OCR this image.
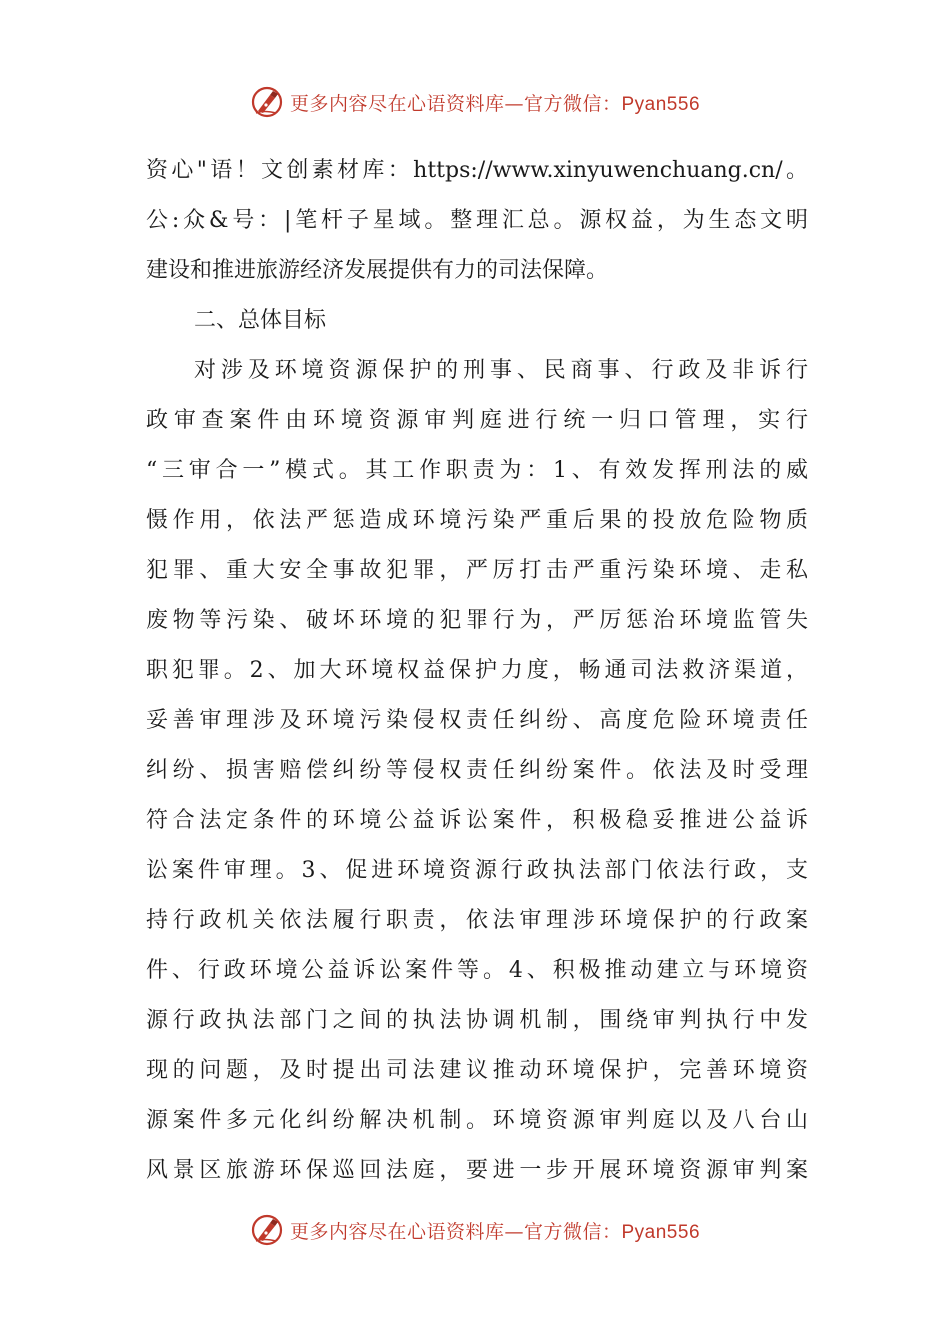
更多内容尽在心语资料库—官方微信：Pyan556
资心"语！文创素材库：https://www.xinyuwenchuang.cn/。
公:众&号：|笔杆子星域。整理汇总。源权益，为生态文明
建设和推进旅游经济发展提供有力的司法保障。
二、总体目标
对涉及环境资源保护的刑事、民商事、行政及非诉行
政审查案件由环境资源审判庭进行统一归口管理，实行
“三审合一”模式。其工作职责为：1、有效发挥刑法的威
慑作用，依法严惩造成环境污染严重后果的投放危险物质
犯罪、重大安全事故犯罪，严厉打击严重污染环境、走私
废物等污染、破坏环境的犯罪行为，严厉惩治环境监管失
职犯罪。2、加大环境权益保护力度，畅通司法救济渠道，
妥善审理涉及环境污染侵权责任纠纷、高度危险环境责任
纠纷、损害赔偿纠纷等侵权责任纠纷案件。依法及时受理
符合法定条件的环境公益诉讼案件，积极稳妥推进公益诉
讼案件审理。3、促进环境资源行政执法部门依法行政，支
持行政机关依法履行职责，依法审理涉环境保护的行政案
件、行政环境公益诉讼案件等。4、积极推动建立与环境资
源行政执法部门之间的执法协调机制，围绕审判执行中发
现的问题，及时提出司法建议推动环境保护，完善环境资
源案件多元化纠纷解决机制。环境资源审判庭以及八台山
风景区旅游环保巡回法庭，要进一步开展环境资源审判案
更多内容尽在心语资料库—官方微信：Pyan556
